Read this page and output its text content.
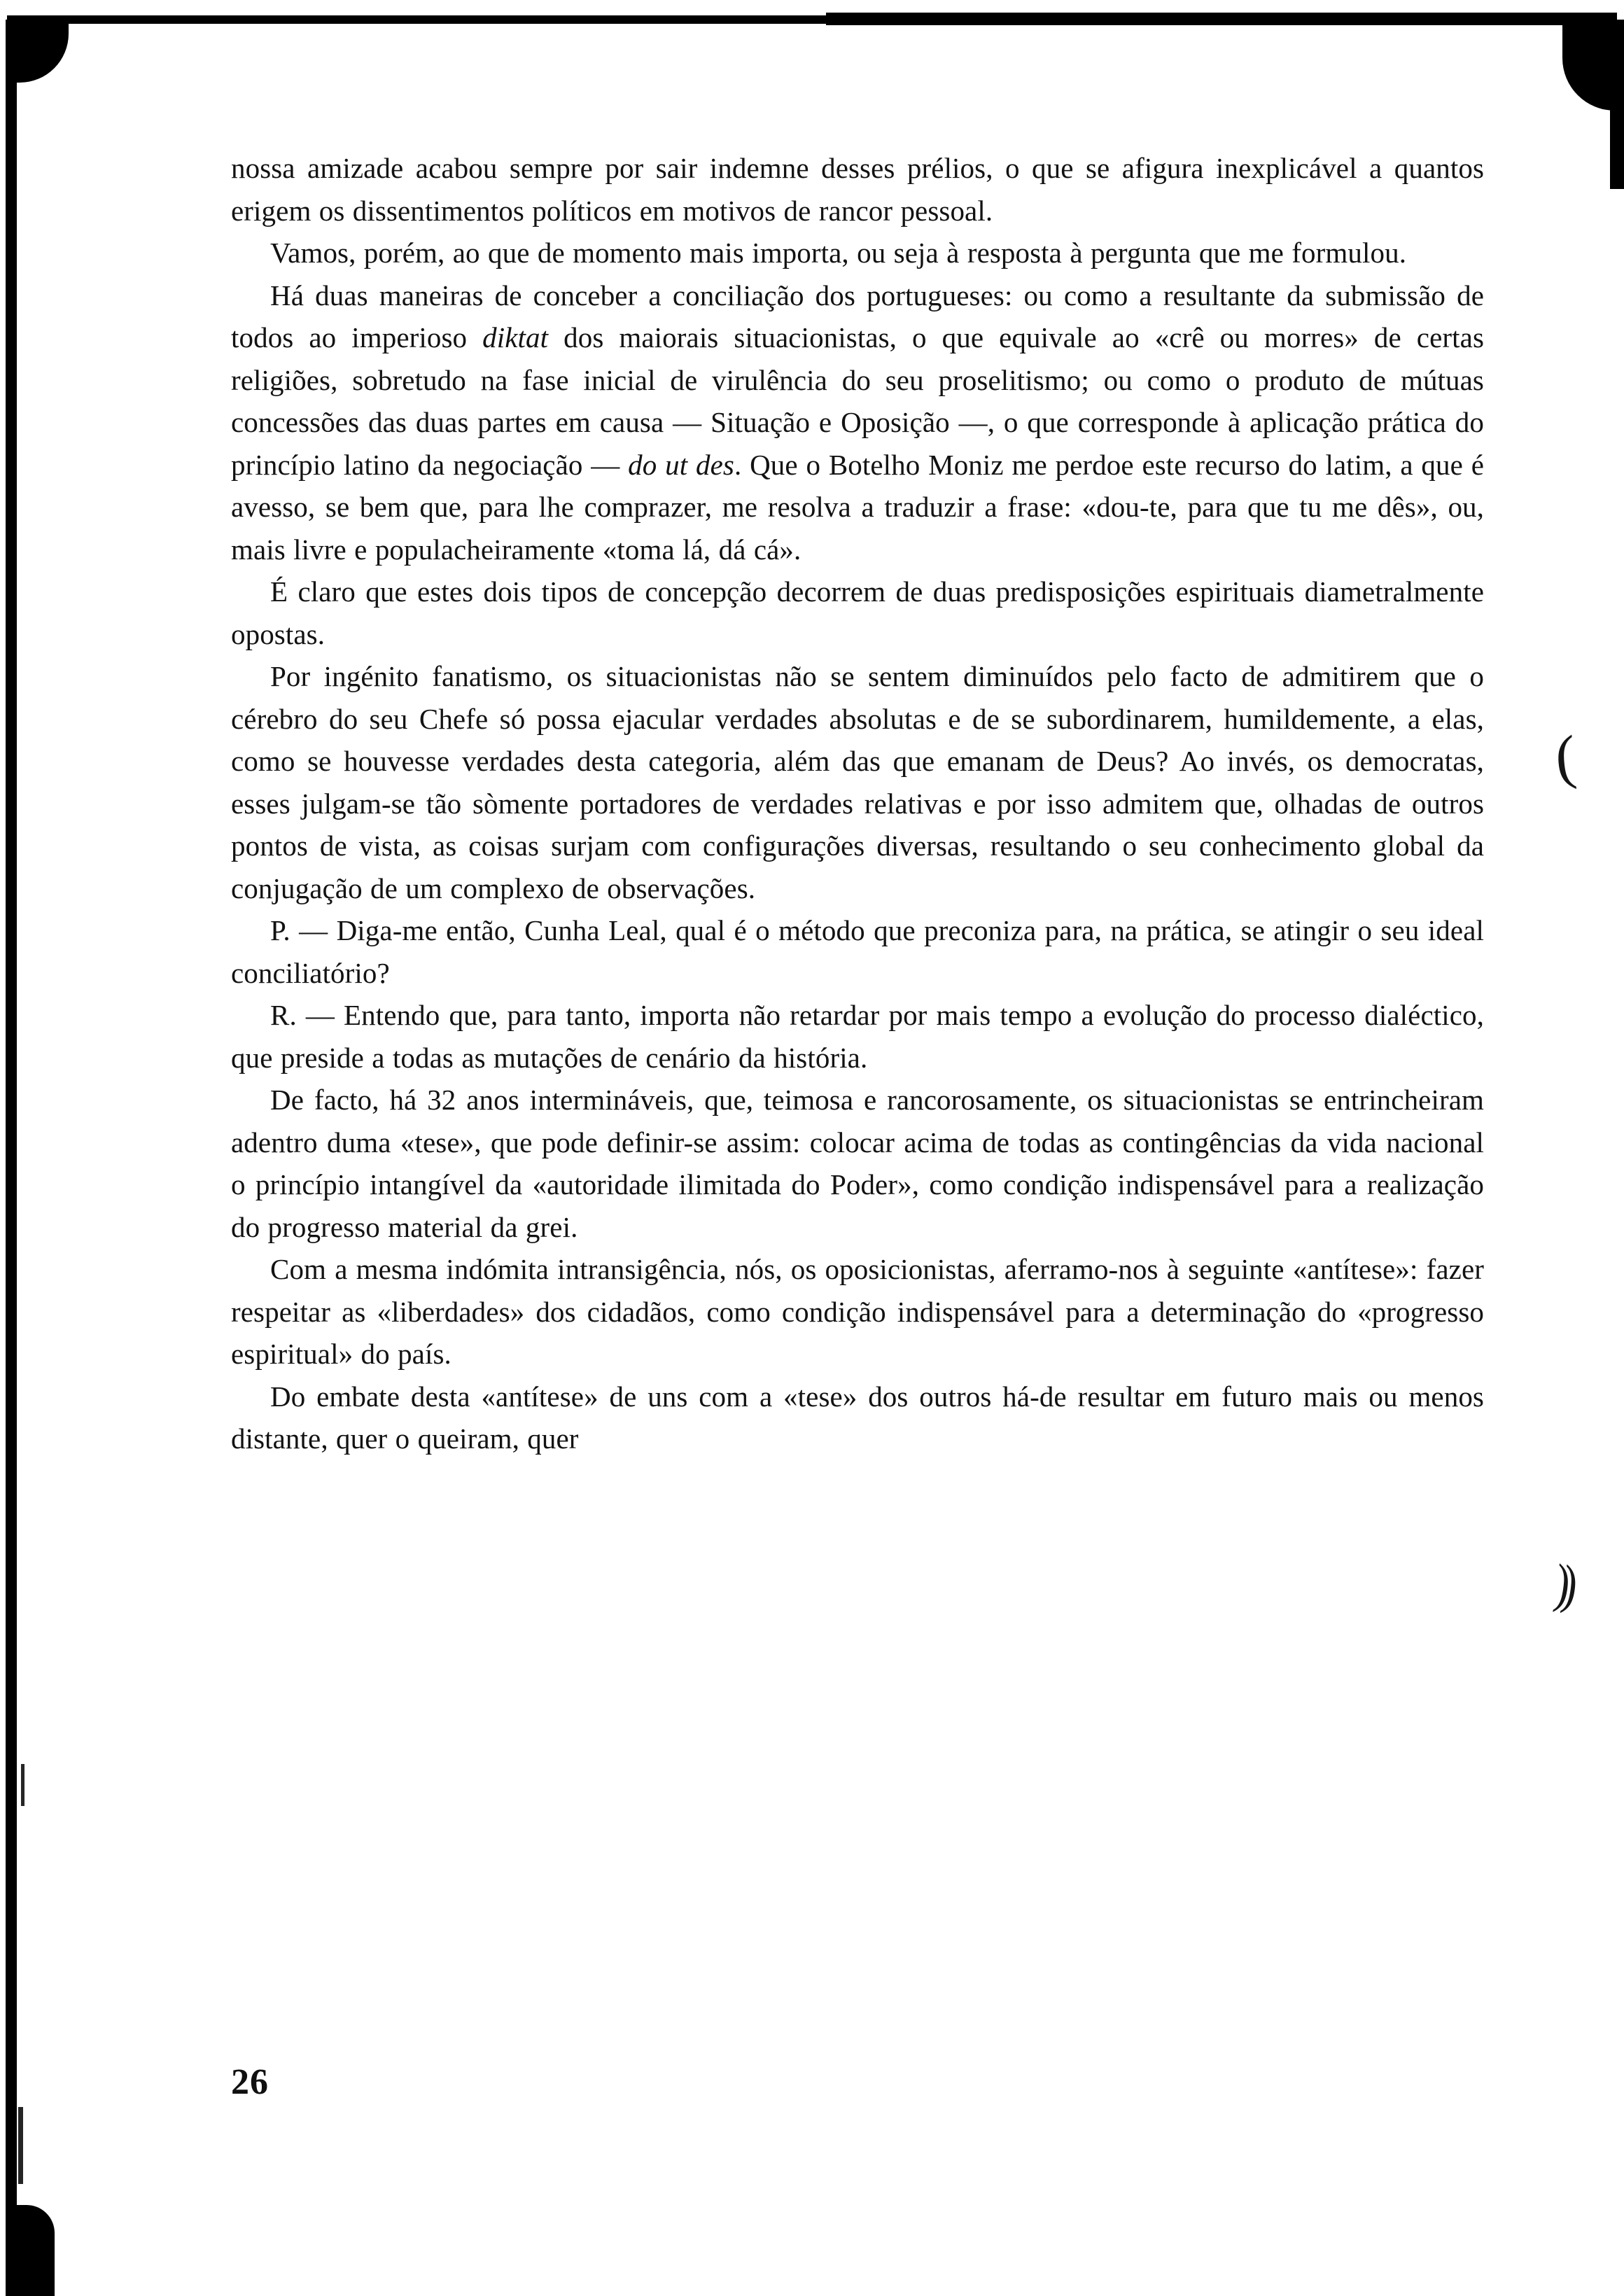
nossa amizade acabou sempre por sair indemne desses prélios, o que se afigura inexplicável a quantos erigem os dissentimentos políticos em motivos de rancor pessoal.

Vamos, porém, ao que de momento mais importa, ou seja à resposta à pergunta que me formulou.

Há duas maneiras de conceber a conciliação dos portugueses: ou como a resultante da submissão de todos ao imperioso diktat dos maiorais situacionistas, o que equivale ao «crê ou morres» de certas religiões, sobretudo na fase inicial de virulência do seu proselitismo; ou como o produto de mútuas concessões das duas partes em causa — Situação e Oposição —, o que corresponde à aplicação prática do princípio latino da negociação — do ut des. Que o Botelho Moniz me perdoe este recurso do latim, a que é avesso, se bem que, para lhe comprazer, me resolva a traduzir a frase: «dou-te, para que tu me dês», ou, mais livre e populacheiramente «toma lá, dá cá».

É claro que estes dois tipos de concepção decorrem de duas predisposições espirituais diametralmente opostas.

Por ingénito fanatismo, os situacionistas não se sentem diminuídos pelo facto de admitirem que o cérebro do seu Chefe só possa ejacular verdades absolutas e de se subordinarem, humildemente, a elas, como se houvesse verdades desta categoria, além das que emanam de Deus? Ao invés, os democratas, esses julgam-se tão sòmente portadores de verdades relativas e por isso admitem que, olhadas de outros pontos de vista, as coisas surjam com configurações diversas, resultando o seu conhecimento global da conjugação de um complexo de observações.

P. — Diga-me então, Cunha Leal, qual é o método que preconiza para, na prática, se atingir o seu ideal conciliatório?

R. — Entendo que, para tanto, importa não retardar por mais tempo a evolução do processo dialéctico, que preside a todas as mutações de cenário da história.

De facto, há 32 anos intermináveis, que, teimosa e rancorosamente, os situacionistas se entrincheiram adentro duma «tese», que pode definir-se assim: colocar acima de todas as contingências da vida nacional o princípio intangível da «autoridade ilimitada do Poder», como condição indispensável para a realização do progresso material da grei.

Com a mesma indómita intransigência, nós, os oposicionistas, aferramo-nos à seguinte «antítese»: fazer respeitar as «liberdades» dos cidadãos, como condição indispensável para a determinação do «progresso espiritual» do país.

Do embate desta «antítese» de uns com a «tese» dos outros há-de resultar em futuro mais ou menos distante, quer o queiram, quer

26
(
))
